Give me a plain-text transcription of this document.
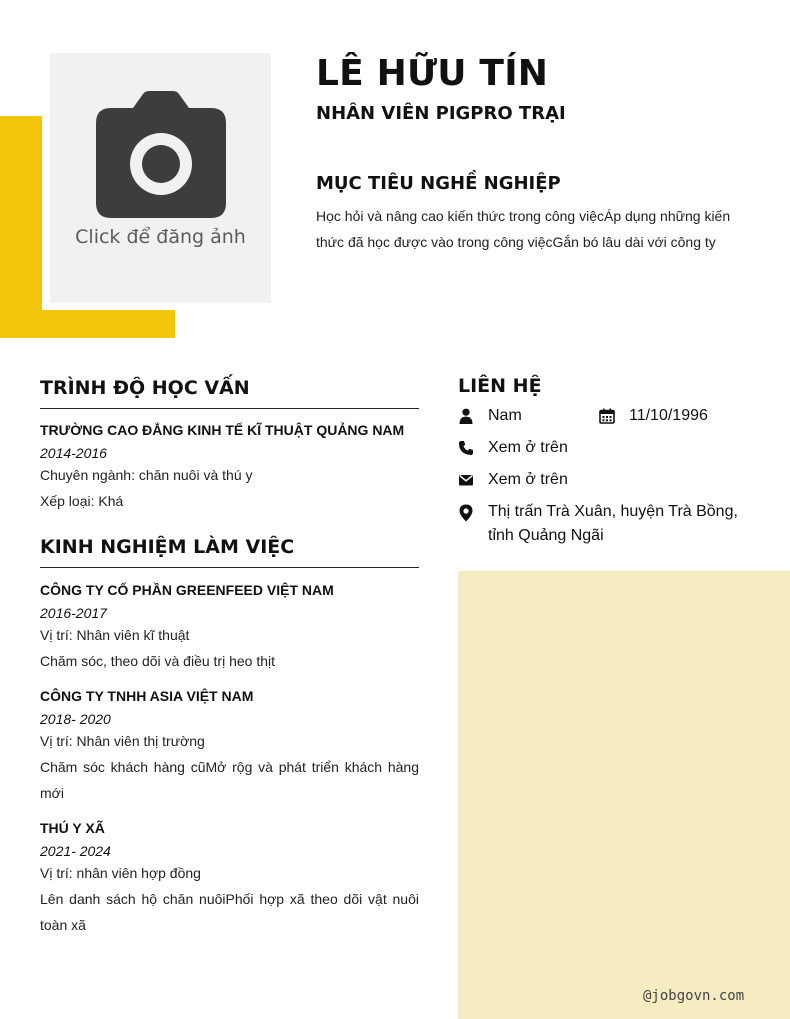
Click để đăng ảnh
LÊ HỮU TÍN
NHÂN VIÊN PIGPRO TRẠI
MỤC TIÊU NGHỀ NGHIỆP

Học hỏi và nâng cao kiến thức trong công việcÁp dụng những kiến thức đã học được vào trong công việcGắn bó lâu dài với công ty

TRÌNH ĐỘ HỌC VẤN

TRƯỜNG CAO ĐẲNG KINH TẾ KĨ THUẬT QUẢNG NAM

2014-2016

Chuyên ngành: chăn nuôi và thú y

Xếp loại: Khá

KINH NGHIỆM LÀM VIỆC

CÔNG TY CỔ PHẦN GREENFEED VIỆT NAM

2016-2017

Vị trí: Nhân viên kĩ thuật

Chăm sóc, theo dõi và điều trị heo thịt

CÔNG TY TNHH ASIA VIỆT NAM

2018- 2020

Vị trí: Nhân viên thị trường

Chăm sóc khách hàng cũMở rộg và phát triển khách hàng mới

THÚ Y XÃ

2021- 2024

Vị trí: nhân viên hợp đồng

Lên danh sách hộ chăn nuôiPhối hợp xã theo dõi vật nuôi toàn xã

LIÊN HỆ
Nam	11/10/1996
Xem ở trên
Xem ở trên
Thị trấn Trà Xuân, huyện Trà Bồng, tỉnh Quảng Ngãi
@jobgovn.com
